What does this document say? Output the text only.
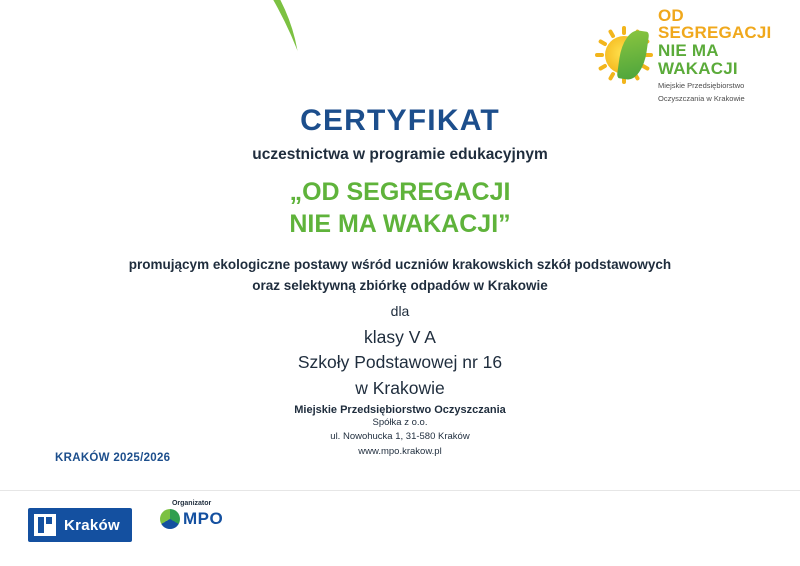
OD SEGREGACJI
NIE MA WAKACJI
Miejskie Przedsiębiorstwo
Oczyszczania w Krakowie
CERTYFIKAT
uczestnictwa w programie edukacyjnym
„OD SEGREGACJI
NIE MA WAKACJI”
promującym ekologiczne postawy wśród uczniów krakowskich szkół podstawowych
oraz selektywną zbiórkę odpadów w Krakowie
dla
klasy V A
Szkoły Podstawowej nr 16
w Krakowie
Miejskie Przedsiębiorstwo Oczyszczania
Spółka z o.o.
ul. Nowohucka 1, 31-580 Kraków
www.mpo.krakow.pl
KRAKÓW 2025/2026
Kraków
Organizator
MPO
